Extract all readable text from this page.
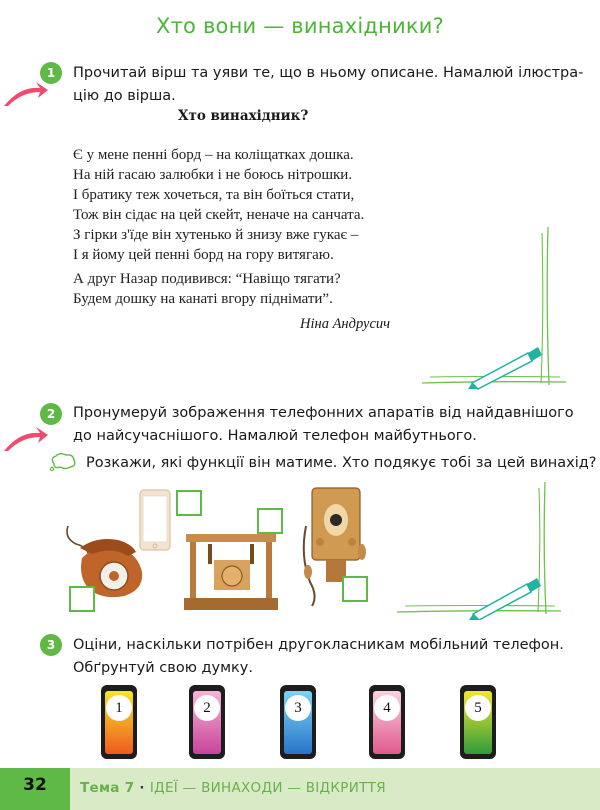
Хто вони — винахідники?
1	Прочитай вірш та уяви те, що в ньому описане. Намалюй ілюстра-
цію до вірша.
Хто винахідник?
Є у мене пенні борд – на коліщатках дошка.
На ній гасаю залюбки і не боюсь нітрошки.
І братику теж хочеться, та він боїться стати,
Тож він сідає на цей скейт, неначе на санчата.
З гірки з'їде він хутенько й знизу вже гукає –
І я йому цей пенні борд на гору витягаю.
А друг Назар подивився: “Навіщо тягати?
Будем дошку на канаті вгору піднімати”.
Ніна Андрусич
2	Пронумеруй зображення телефонних апаратів від найдавнішого
до найсучаснішого. Намалюй телефон майбутнього.
Розкажи, які функції він матиме. Хто подякує тобі за цей винахід?
3	Оціни, наскільки потрібен другокласникам мобільний телефон.
Обґрунтуй свою думку.
1	2	3	4	5
32	Тема 7 · ІДЕЇ — ВИНАХОДИ — ВІДКРИТТЯ
